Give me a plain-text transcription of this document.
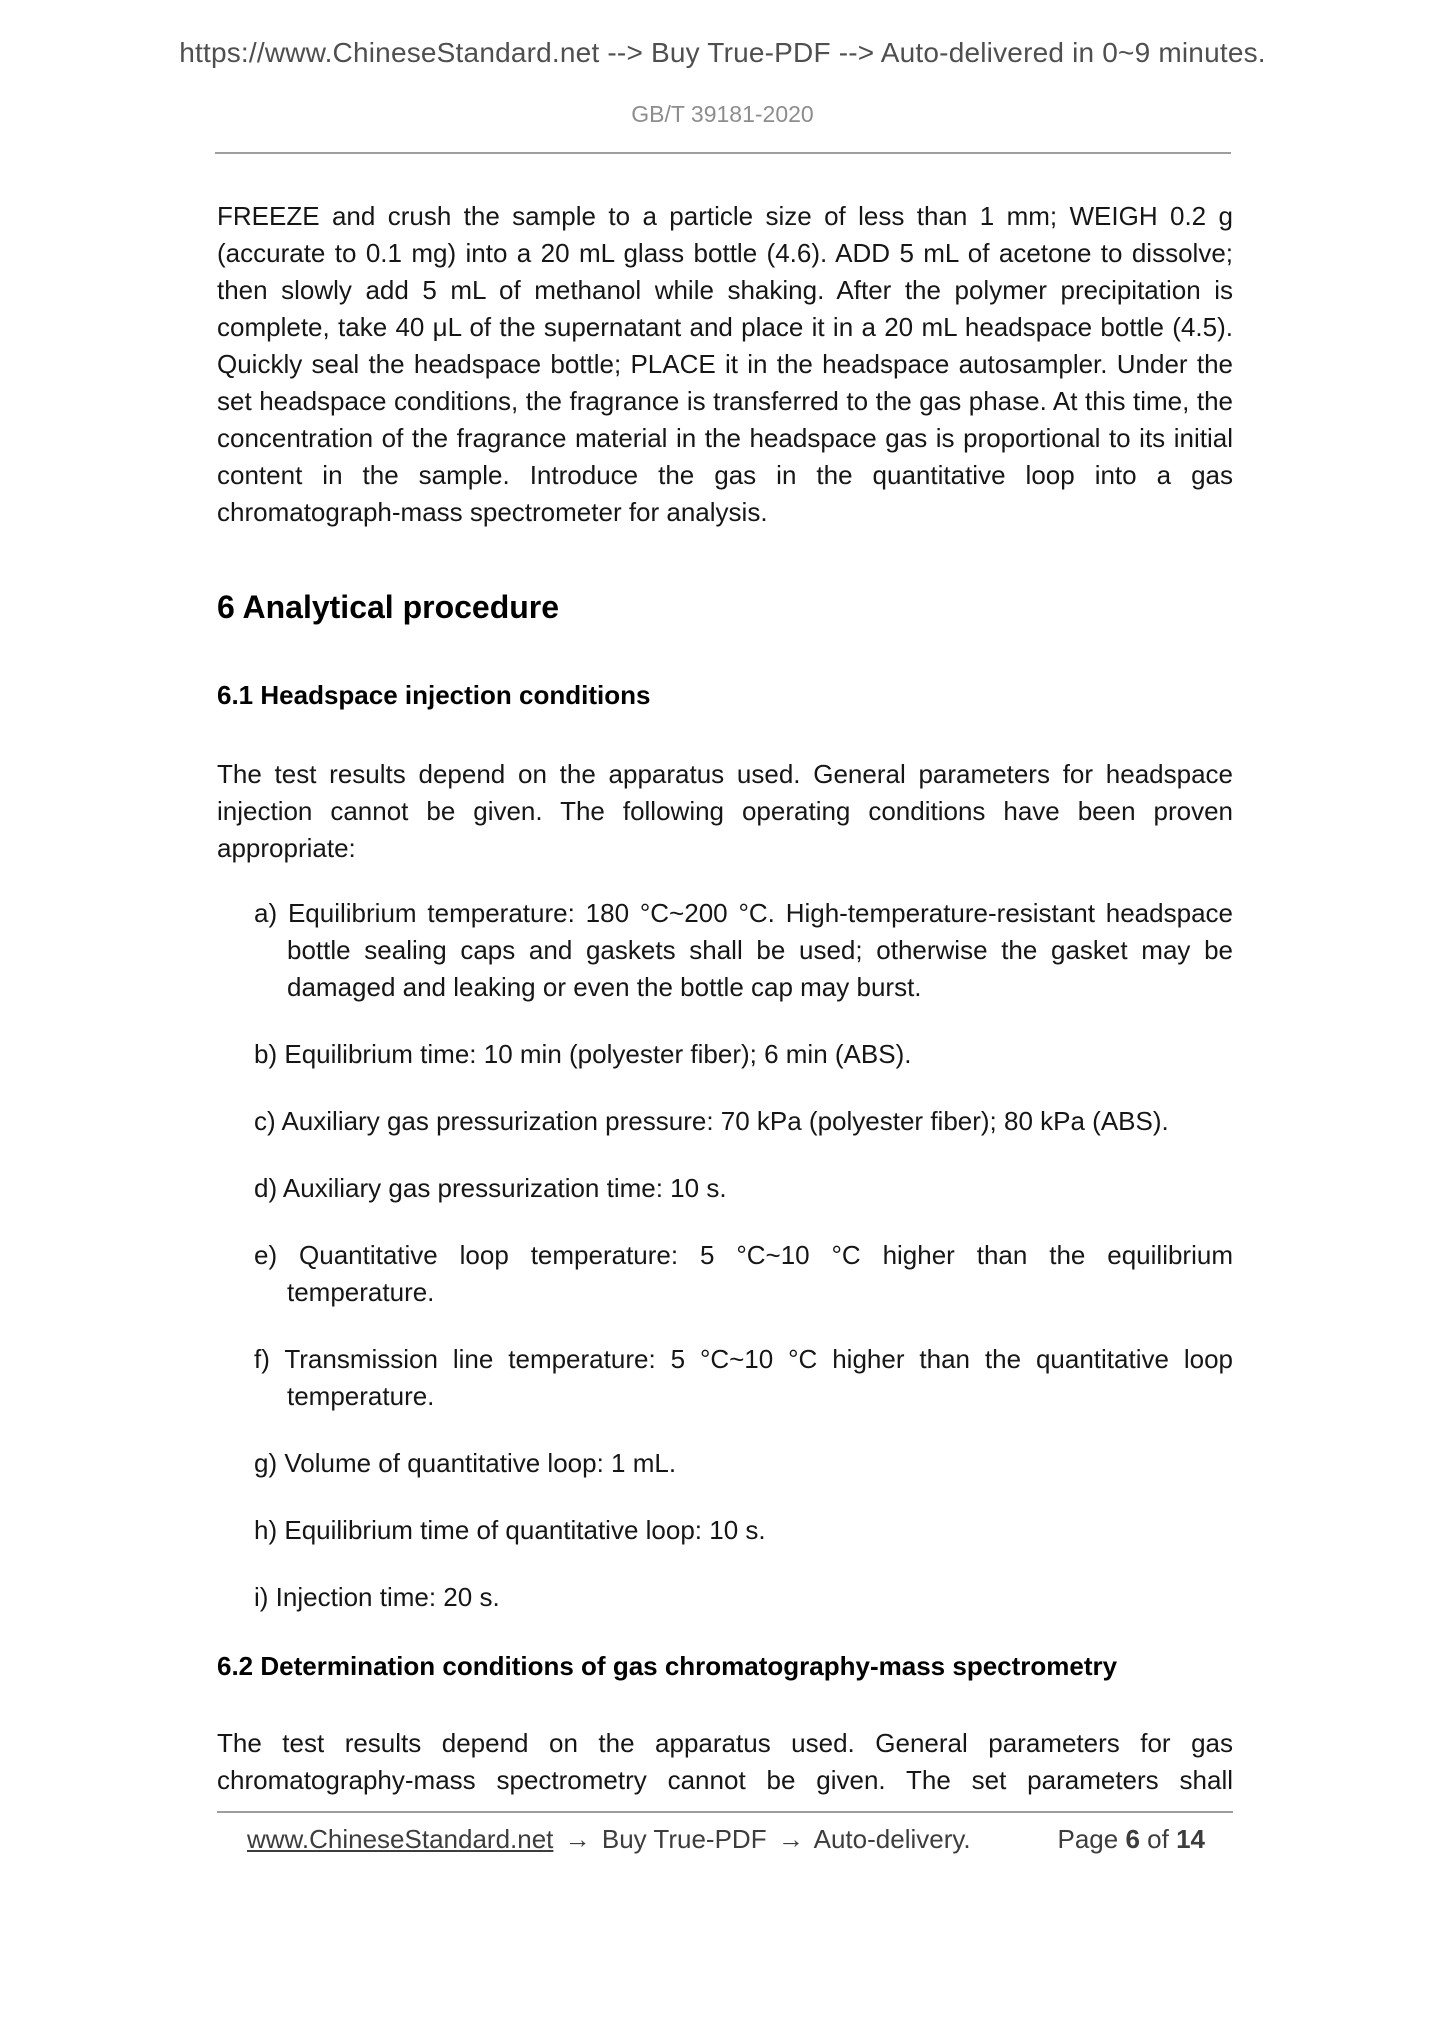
https://www.ChineseStandard.net --> Buy True-PDF --> Auto-delivered in 0~9 minutes.
GB/T 39181-2020

FREEZE and crush the sample to a particle size of less than 1 mm; WEIGH 0.2 g (accurate to 0.1 mg) into a 20 mL glass bottle (4.6). ADD 5 mL of acetone to dissolve; then slowly add 5 mL of methanol while shaking. After the polymer precipitation is complete, take 40 μL of the supernatant and place it in a 20 mL headspace bottle (4.5). Quickly seal the headspace bottle; PLACE it in the headspace autosampler. Under the set headspace conditions, the fragrance is transferred to the gas phase. At this time, the concentration of the fragrance material in the headspace gas is proportional to its initial content in the sample. Introduce the gas in the quantitative loop into a gas chromatograph-mass spectrometer for analysis.

6 Analytical procedure
6.1 Headspace injection conditions

The test results depend on the apparatus used. General parameters for headspace injection cannot be given. The following operating conditions have been proven appropriate:

a) Equilibrium temperature: 180 °C~200 °C. High-temperature-resistant headspace bottle sealing caps and gaskets shall be used; otherwise the gasket may be damaged and leaking or even the bottle cap may burst.
b) Equilibrium time: 10 min (polyester fiber); 6 min (ABS).
c) Auxiliary gas pressurization pressure: 70 kPa (polyester fiber); 80 kPa (ABS).
d) Auxiliary gas pressurization time: 10 s.
e) Quantitative loop temperature: 5 °C~10 °C higher than the equilibrium temperature.
f) Transmission line temperature: 5 °C~10 °C higher than the quantitative loop temperature.
g) Volume of quantitative loop: 1 mL.
h) Equilibrium time of quantitative loop: 10 s.
i) Injection time: 20 s.
6.2 Determination conditions of gas chromatography-mass spectrometry

The test results depend on the apparatus used. General parameters for gas chromatography-mass spectrometry cannot be given. The set parameters shall

www.ChineseStandard.net → Buy True-PDF → Auto-delivery.	Page 6 of 14
